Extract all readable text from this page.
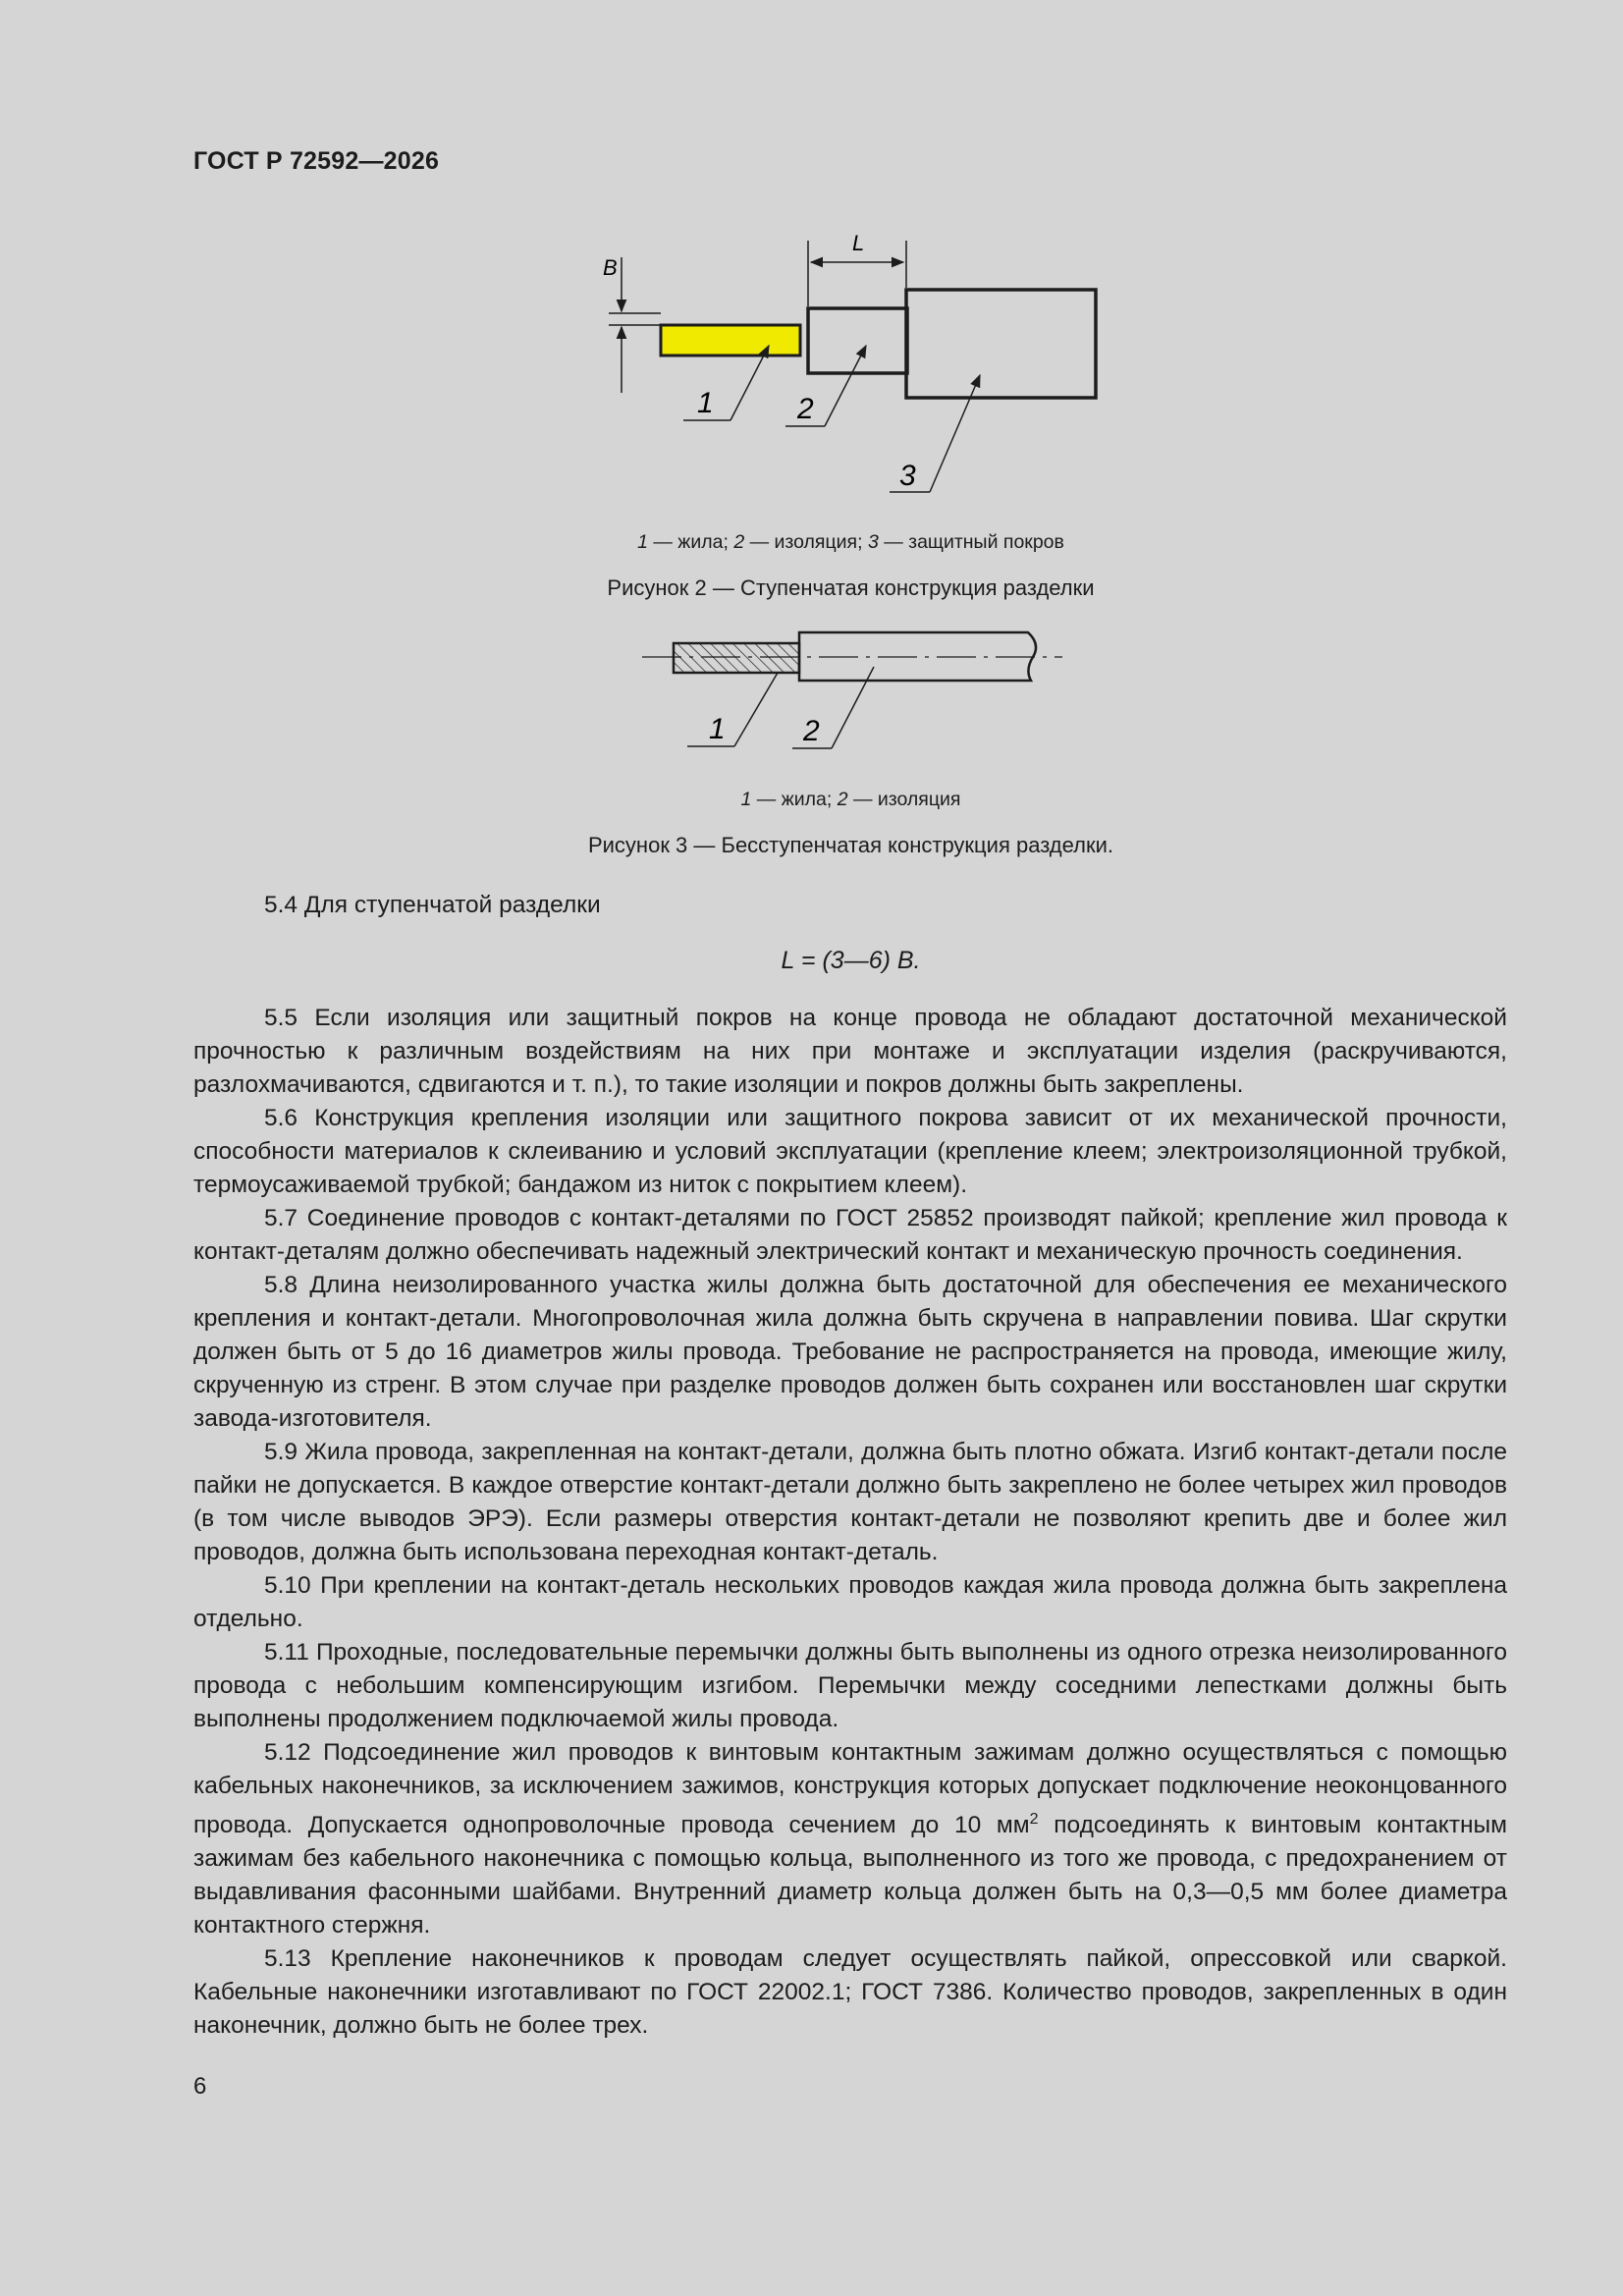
ГОСТ Р 72592—2026
B
L
1	2
3
1 — жила; 2 — изоляция; 3 — защитный покров
Рисунок 2 — Ступенчатая конструкция разделки
1	2
1 — жила; 2 — изоляция
Рисунок 3 — Бесступенчатая конструкция разделки.
5.4 Для ступенчатой разделки
L = (3—6) B.

5.5 Если изоляция или защитный покров на конце провода не обладают достаточной механической прочностью к различным воздействиям на них при монтаже и эксплуатации изделия (раскручиваются, разлохмачиваются, сдвигаются и т. п.), то такие изоляции и покров должны быть закреплены.

5.6 Конструкция крепления изоляции или защитного покрова зависит от их механической прочности, способности материалов к склеиванию и условий эксплуатации (крепление клеем; электроизоляционной трубкой, термоусаживаемой трубкой; бандажом из ниток с покрытием клеем).

5.7 Соединение проводов с контакт-деталями по ГОСТ 25852 производят пайкой; крепление жил провода к контакт-деталям должно обеспечивать надежный электрический контакт и механическую прочность соединения.

5.8 Длина неизолированного участка жилы должна быть достаточной для обеспечения ее механического крепления и контакт-детали. Многопроволочная жила должна быть скручена в направлении повива. Шаг скрутки должен быть от 5 до 16 диаметров жилы провода. Требование не распространяется на провода, имеющие жилу, скрученную из стренг. В этом случае при разделке проводов должен быть сохранен или восстановлен шаг скрутки завода-изготовителя.

5.9 Жила провода, закрепленная на контакт-детали, должна быть плотно обжата. Изгиб контакт-детали после пайки не допускается. В каждое отверстие контакт-детали должно быть закреплено не более четырех жил проводов (в том числе выводов ЭРЭ). Если размеры отверстия контакт-детали не позволяют крепить две и более жил проводов, должна быть использована переходная контакт-деталь.

5.10 При креплении на контакт-деталь нескольких проводов каждая жила провода должна быть закреплена отдельно.

5.11 Проходные, последовательные перемычки должны быть выполнены из одного отрезка неизолированного провода с небольшим компенсирующим изгибом. Перемычки между соседними лепестками должны быть выполнены продолжением подключаемой жилы провода.

5.12 Подсоединение жил проводов к винтовым контактным зажимам должно осуществляться с помощью кабельных наконечников, за исключением зажимов, конструкция которых допускает подключение неоконцованного провода. Допускается однопроволочные провода сечением до 10 $мм^2$ подсоединять к винтовым контактным зажимам без кабельного наконечника с помощью кольца, выполненного из того же провода, с предохранением от выдавливания фасонными шайбами. Внутренний диаметр кольца должен быть на 0,3—0,5 мм более диаметра контактного стержня.

5.13 Крепление наконечников к проводам следует осуществлять пайкой, опрессовкой или сваркой. Кабельные наконечники изготавливают по ГОСТ 22002.1; ГОСТ 7386. Количество проводов, закрепленных в один наконечник, должно быть не более трех.

6
